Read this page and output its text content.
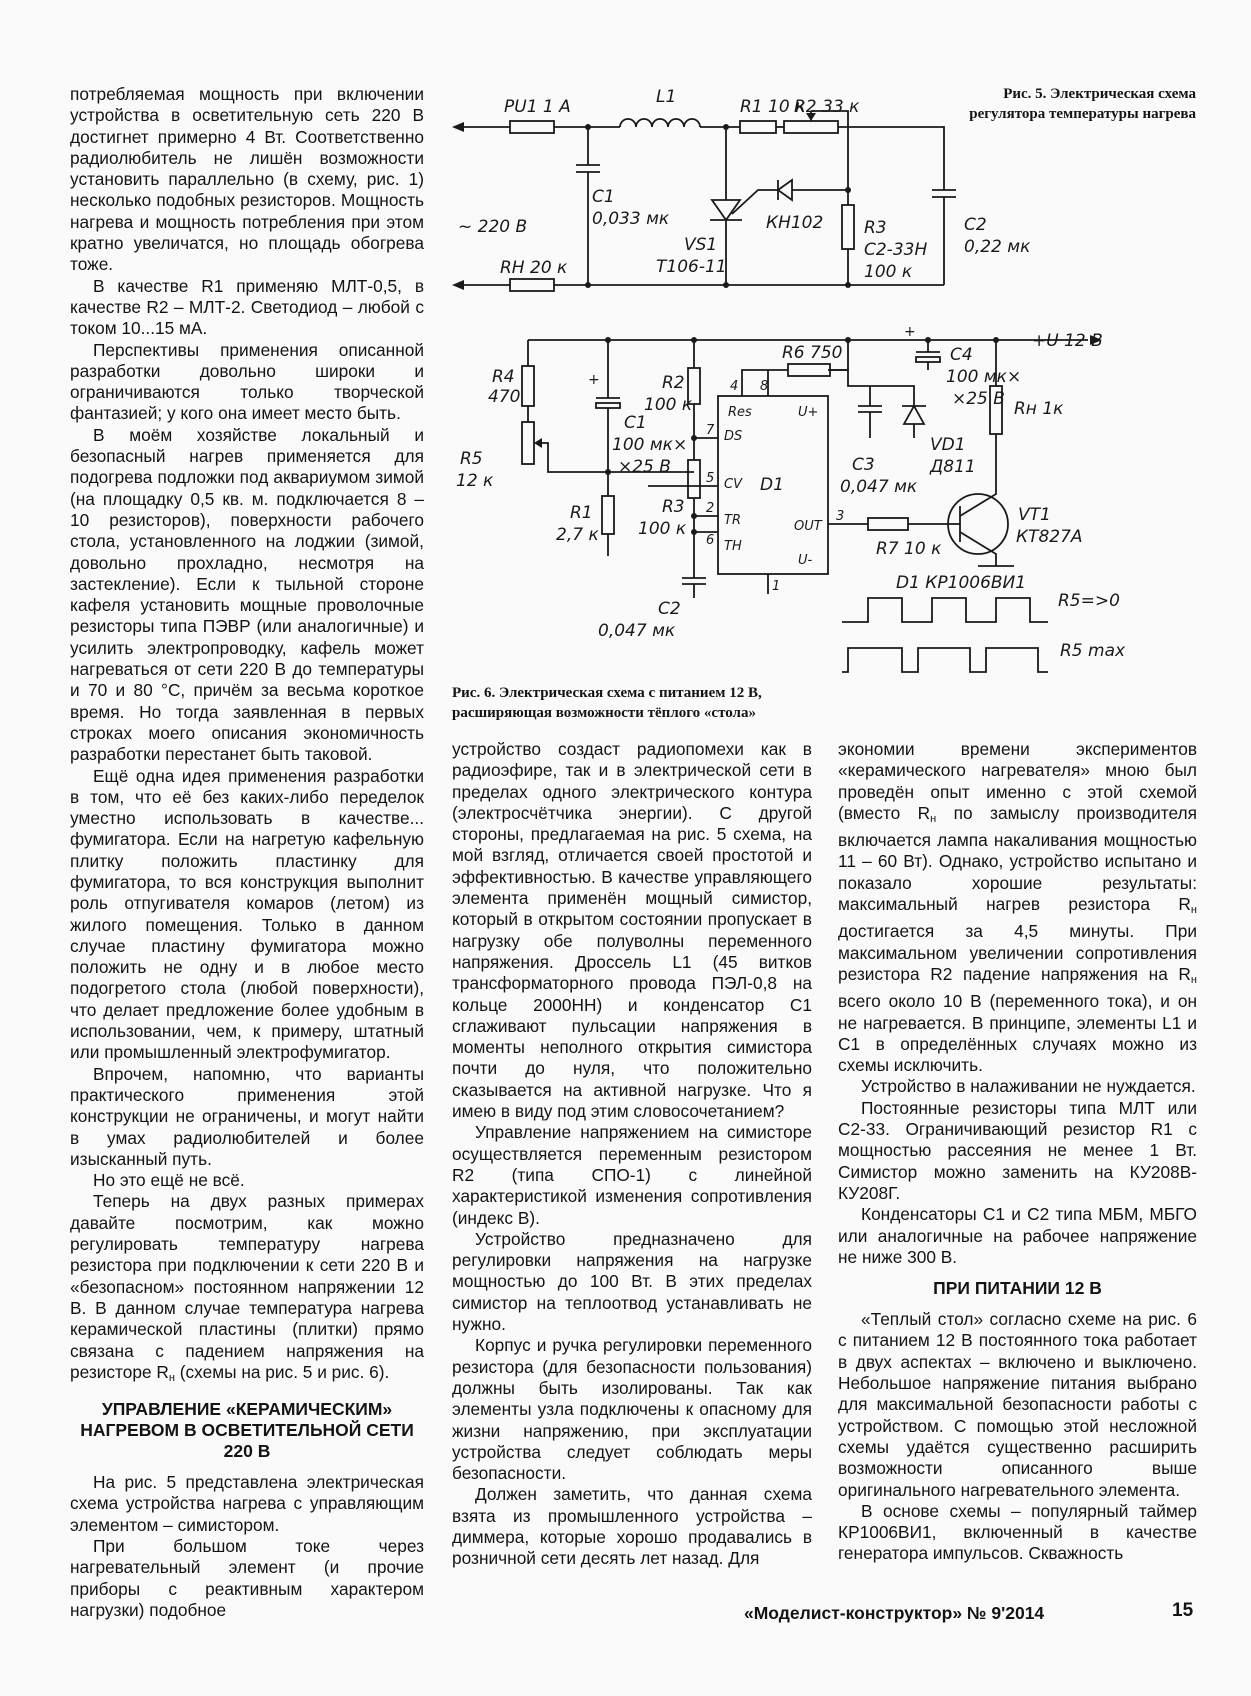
потребляемая мощность при включении устройства в осветительную сеть 220 В достигнет примерно 4 Вт. Соответственно радиолюбитель не лишён возможности установить параллельно (в схему, рис. 1) несколько подобных резисторов. Мощность нагрева и мощность потребления при этом кратно увеличатся, но площадь обогрева тоже.

В качестве R1 применяю МЛТ-0,5, в качестве R2 – МЛТ-2. Светодиод – любой с током 10...15 мА.

Перспективы применения описанной разработки довольно широки и ограничиваются только творческой фантазией; у кого она имеет место быть.

В моём хозяйстве локальный и безопасный нагрев применяется для подогрева подложки под аквариумом зимой (на площадку 0,5 кв. м. подключается 8 – 10 резисторов), поверхности рабочего стола, установленного на лоджии (зимой, довольно прохладно, несмотря на застекление). Если к тыльной стороне кафеля установить мощные проволочные резисторы типа ПЭВР (или аналогичные) и усилить электропроводку, кафель может нагреваться от сети 220 В до температуры и 70 и 80 °С, причём за весьма короткое время. Но тогда заявленная в первых строках моего описания экономичность разработки перестанет быть таковой.

Ещё одна идея применения разработки в том, что её без каких-либо переделок уместно использовать в качестве... фумигатора. Если на нагретую кафельную плитку положить пластинку для фумигатора, то вся конструкция выполнит роль отпугивателя комаров (летом) из жилого помещения. Только в данном случае пластину фумигатора можно положить не одну и в любое место подогретого стола (любой поверхности), что делает предложение более удобным в использовании, чем, к примеру, штатный или промышленный электрофумигатор.

Впрочем, напомню, что варианты практического применения этой конструкции не ограничены, и могут найти в умах радиолюбителей и более изысканный путь.

Но это ещё не всё.

Теперь на двух разных примерах давайте посмотрим, как можно регулировать температуру нагрева резистора при подключении к сети 220 В и «безопасном» постоянном напряжении 12 В. В данном случае температура нагрева керамической пластины (плитки) прямо связана с падением напряжения на резисторе $R_н$ (схемы на рис. 5 и рис. 6).

УПРАВЛЕНИЕ «КЕРАМИЧЕСКИМ» НАГРЕВОМ В ОСВЕТИТЕЛЬНОЙ СЕТИ 220 В

На рис. 5 представлена электрическая схема устройства нагрева с управляющим элементом – симистором.

При большом токе через нагревательный элемент (и прочие приборы с реактивным характером нагрузки) подобное

устройство создаст радиопомехи как в радиоэфире, так и в электрической сети в пределах одного электрического контура (электросчётчика энергии). С другой стороны, предлагаемая на рис. 5 схема, на мой взгляд, отличается своей простотой и эффективностью. В качестве управляющего элемента применён мощный симистор, который в открытом состоянии пропускает в нагрузку обе полуволны переменного напряжения. Дроссель L1 (45 витков трансформаторного провода ПЭЛ-0,8 на кольце 2000НН) и конденсатор С1 сглаживают пульсации напряжения в моменты неполного открытия симистора почти до нуля, что положительно сказывается на активной нагрузке. Что я имею в виду под этим словосочетанием?

Управление напряжением на симисторе осуществляется переменным резистором R2 (типа СПО-1) с линейной характеристикой изменения сопротивления (индекс В).

Устройство предназначено для регулировки напряжения на нагрузке мощностью до 100 Вт. В этих пределах симистор на теплоотвод устанавливать не нужно.

Корпус и ручка регулировки переменного резистора (для безопасности пользования) должны быть изолированы. Так как элементы узла подключены к опасному для жизни напряжению, при эксплуатации устройства следует соблюдать меры безопасности.

Должен заметить, что данная схема взята из промышленного устройства – диммера, которые хорошо продавались в розничной сети десять лет назад. Для

экономии времени экспериментов «керамического нагревателя» мною был проведён опыт именно с этой схемой (вместо $R_н$ по замыслу производителя включается лампа накаливания мощностью 11 – 60 Вт). Однако, устройство испытано и показало хорошие результаты: максимальный нагрев резистора $R_н$ достигается за 4,5 минуты. При максимальном увеличении сопротивления резистора R2 падение напряжения на $R_н$ всего около 10 В (переменного тока), и он не нагревается. В принципе, элементы L1 и С1 в определённых случаях можно из схемы исключить.

Устройство в налаживании не нуждается.

Постоянные резисторы типа МЛТ или С2-33. Ограничивающий резистор R1 с мощностью рассеяния не менее 1 Вт. Симистор можно заменить на КУ208В-КУ208Г.

Конденсаторы С1 и С2 типа МБМ, МБГО или аналогичные на рабочее напряжение не ниже 300 В.

ПРИ ПИТАНИИ 12 В

«Теплый стол» согласно схеме на рис. 6 с питанием 12 В постоянного тока работает в двух аспектах – включено и выключено. Небольшое напряжение питания выбрано для максимальной безопасности работы с устройством. С помощью этой несложной схемы удаётся существенно расширить возможности описанного выше оригинального нагревательного элемента.

В основе схемы – популярный таймер КР1006ВИ1, включенный в качестве генератора импульсов. Скважность

Рис. 5. Электрическая схема регулятора температуры нагрева
Рис. 6. Электрическая схема с питанием 12 В, расширяющая возможности тёплого «стола»
PU1 1 A	L1	R1 10 к
R2 33 к
C1
0,033 мк
~ 220 В	КН102 R3
С2-33Н
100 к
C2
0,22 мк
VS1
Т106-11
RН 20 к
+
+	+U 12 В
R6 750	C4
100 мк×
×25 В
R4
470
R2
100 к
C1
100 мк×
×25 В
R5
12 к
R1
2,7 к
R3
100 к
C2
0,047 мк
C3
0,047 мк
VD1
Д811
Rн 1к
4 8
7
5
2
6
1
3
Res	U+
DS
CV
TR
TH
OUT
U-
D1
R7 10 к
VT1
КТ827А
D1 КР1006ВИ1
R5=>0
R5 max
«Моделист-конструктор» № 9'2014	15
